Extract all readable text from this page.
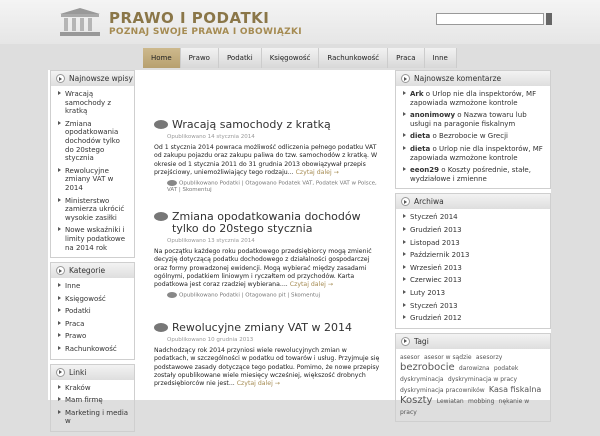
PRAWO I PODATKI
POZNAJ SWOJE PRAWA I OBOWIĄZKI
Home	Prawo	Podatki	Księgowość	Rachunkowość	Praca	Inne
Najnowsze wpisy
Wracają samochody z kratką
Zmiana opodatkowania dochodów tylko do 20stego stycznia
Rewolucyjne zmiany VAT w 2014
Ministerstwo zamierza ukrócić wysokie zasiłki
Nowe wskaźniki i limity podatkowe na 2014 rok
Kategorie
Inne
Księgowość
Podatki
Praca
Prawo
Rachunkowość
Linki
Kraków
Mam firmę
Marketing i media w
Wracają samochody z kratką
Opublikowano 14 stycznia 2014
Od 1 stycznia 2014 powraca możliwość odliczenia pełnego podatku VAT od zakupu pojazdu oraz zakupu paliwa do tzw. samochodów z kratką. W okresie od 1 stycznia 2011 do 31 grudnia 2013 obowiązywał przepis przejściowy, uniemożliwiający tego rodzaju... Czytaj dalej →
Opublikowano Podatki | Otagowano Podatek VAT, Podatek VAT w Polsce, VAT | Skomentuj
Zmiana opodatkowania dochodów tylko do 20stego stycznia
Opublikowano 13 stycznia 2014
Na początku każdego roku podatkowego przedsiębiorcy mogą zmienić decyzję dotyczącą podatku dochodowego z działalności gospodarczej oraz formy prowadzonej ewidencji. Mogą wybierać między zasadami ogólnymi, podatkiem liniowym i ryczałtem od przychodów. Karta podatkowa jest coraz rzadziej wybierana.... Czytaj dalej →
Opublikowano Podatki | Otagowano pit | Skomentuj
Rewolucyjne zmiany VAT w 2014
Opublikowano 10 grudnia 2013
Nadchodzący rok 2014 przyniosi wiele rewolucyjnych zmian w podatkach, w szczególności w podatku od towarów i usług. Przyjmuje się podstawowe zasady dotyczące tego podatku. Pomimo, że nowe przepisy zostały opublikowane wiele miesięcy wcześniej, większość drobnych przedsiębiorców nie jest... Czytaj dalej →
Najnowsze komentarze
Ark o Urlop nie dla inspektorów, MF zapowiada wzmożone kontrole
anonimowy o Nazwa towaru lub usługi na paragonie fiskalnym
dieta o Bezrobocie w Grecji
dieta o Urlop nie dla inspektorów, MF zapowiada wzmożone kontrole
eeon29 o Koszty pośrednie, stałe, wydziałowe i zmienne
Archiwa
Styczeń 2014
Grudzień 2013
Listopad 2013
Październik 2013
Wrzesień 2013
Czerwiec 2013
Luty 2013
Styczeń 2013
Grudzień 2012
Tagi
asesor asesor w sądzie asesorzy bezrobocie darowizna podatek dyskryminacja dyskryminacja w pracy dyskryminacja pracowników Kasa fiskalna Koszty Lewiatan mobbing nękanie w pracy
